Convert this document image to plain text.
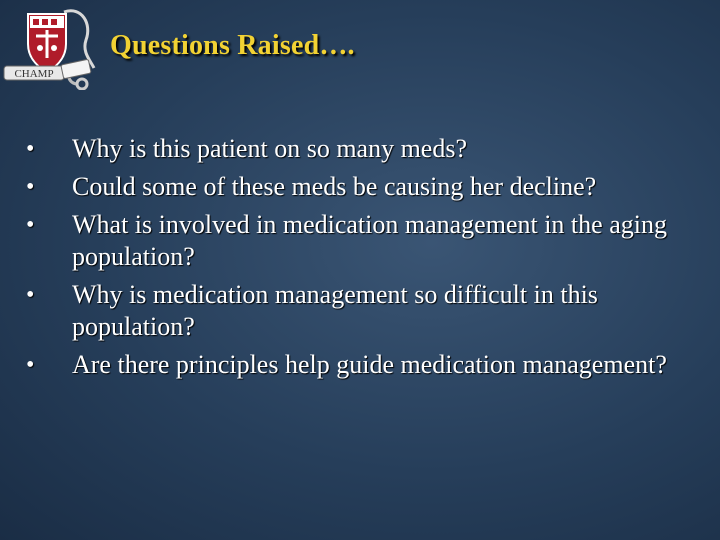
CHAMP
Questions Raised….
• Why is this patient on so many meds?
• Could some of these meds be causing her decline?
• What is involved in medication management in the aging population?
• Why is medication management so difficult in this population?
• Are there principles help guide medication management?
